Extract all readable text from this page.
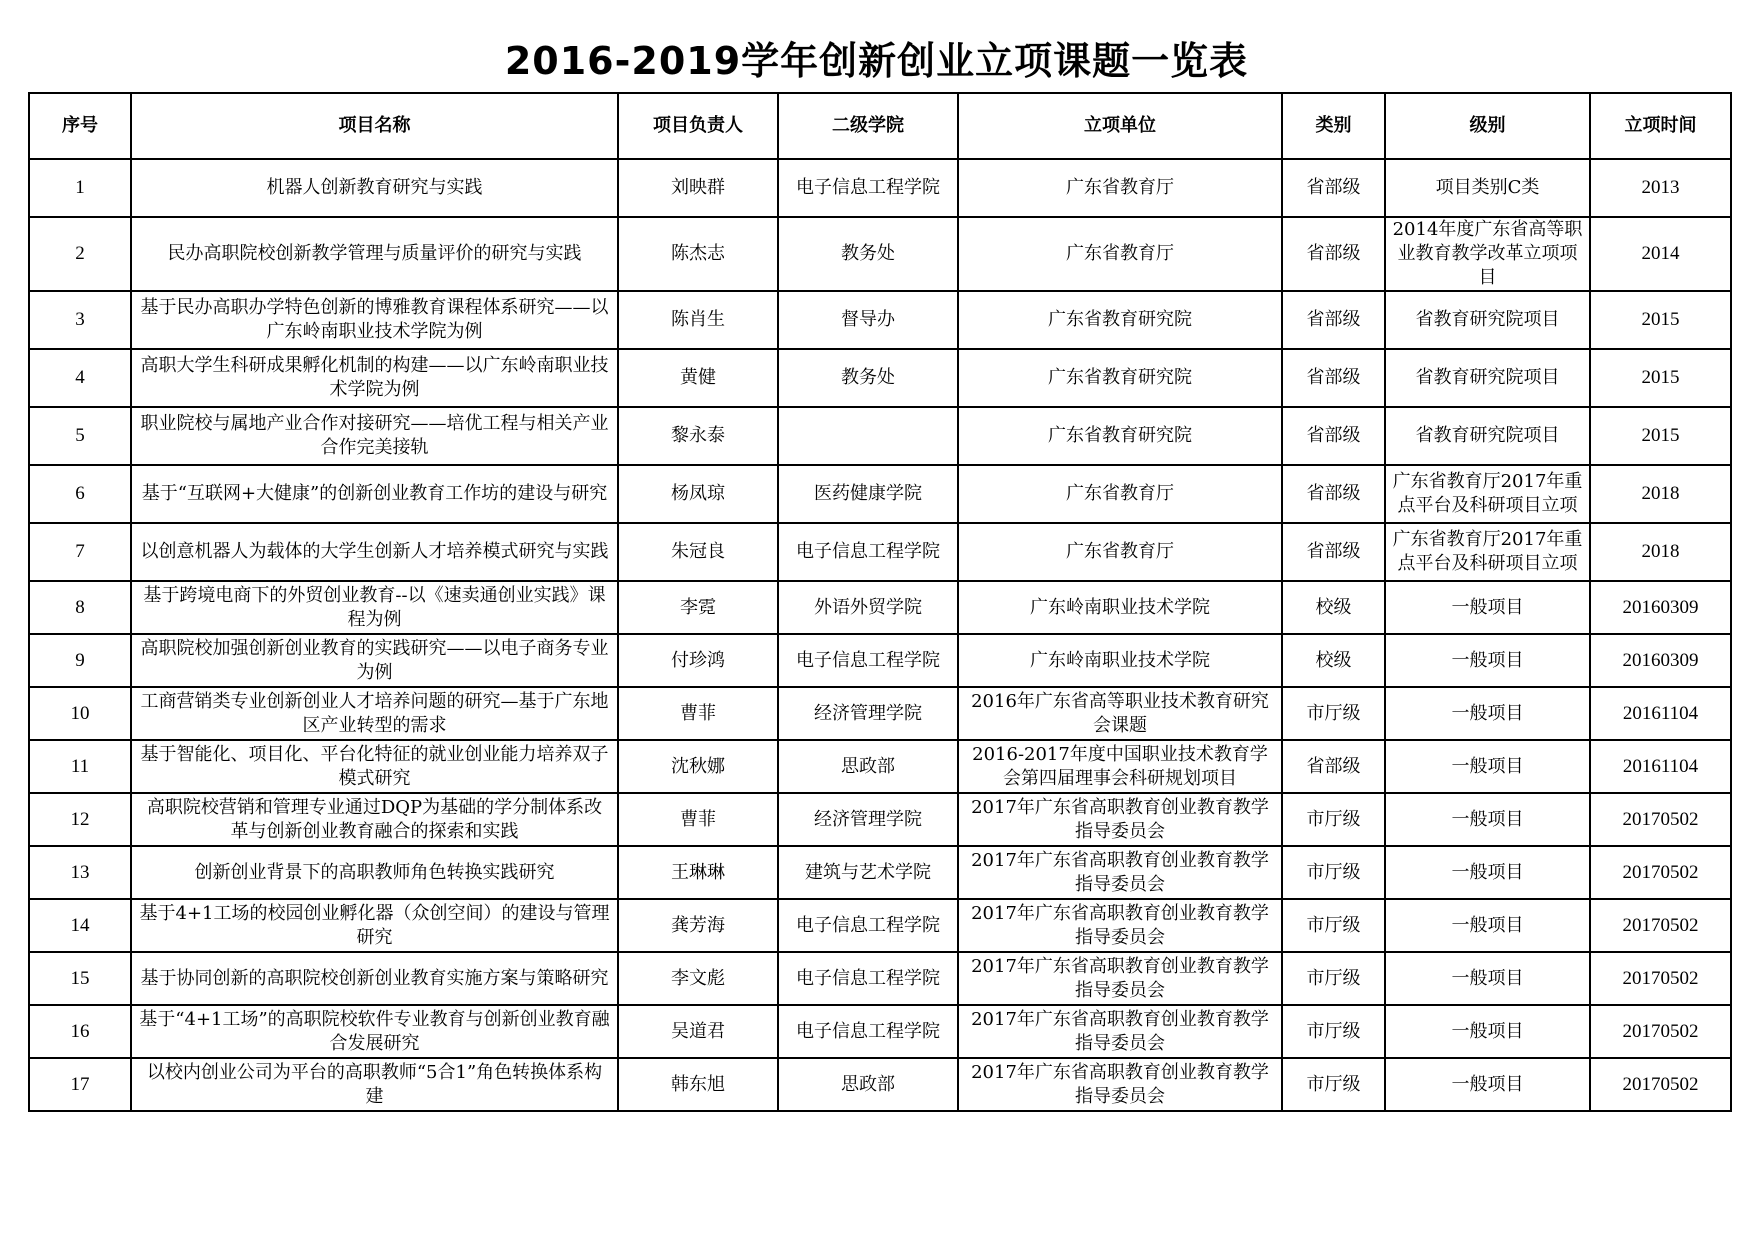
2016-2019学年创新创业立项课题一览表
序号	项目名称	项目负责人	二级学院	立项单位	类别	级别	立项时间
1	机器人创新教育研究与实践	刘映群	电子信息工程学院	广东省教育厅	省部级	项目类别C类	2013
2	民办高职院校创新教学管理与质量评价的研究与实践	陈杰志	教务处	广东省教育厅	省部级	2014年度广东省高等职业教育教学改革立项项目	2014
3	基于民办高职办学特色创新的博雅教育课程体系研究——以广东岭南职业技术学院为例	陈肖生	督导办	广东省教育研究院	省部级	省教育研究院项目	2015
4	高职大学生科研成果孵化机制的构建——以广东岭南职业技术学院为例	黄健	教务处	广东省教育研究院	省部级	省教育研究院项目	2015
5	职业院校与属地产业合作对接研究——培优工程与相关产业合作完美接轨	黎永泰		广东省教育研究院	省部级	省教育研究院项目	2015
6	基于“互联网+大健康”的创新创业教育工作坊的建设与研究	杨凤琼	医药健康学院	广东省教育厅	省部级	广东省教育厅2017年重点平台及科研项目立项	2018
7	以创意机器人为载体的大学生创新人才培养模式研究与实践	朱冠良	电子信息工程学院	广东省教育厅	省部级	广东省教育厅2017年重点平台及科研项目立项	2018
8	基于跨境电商下的外贸创业教育--以《速卖通创业实践》课程为例	李霓	外语外贸学院	广东岭南职业技术学院	校级	一般项目	20160309
9	高职院校加强创新创业教育的实践研究——以电子商务专业为例	付珍鸿	电子信息工程学院	广东岭南职业技术学院	校级	一般项目	20160309
10	工商营销类专业创新创业人才培养问题的研究—基于广东地区产业转型的需求	曹菲	经济管理学院	2016年广东省高等职业技术教育研究会课题	市厅级	一般项目	20161104
11	基于智能化、项目化、平台化特征的就业创业能力培养双子模式研究	沈秋娜	思政部	2016-2017年度中国职业技术教育学会第四届理事会科研规划项目	省部级	一般项目	20161104
12	高职院校营销和管理专业通过DQP为基础的学分制体系改革与创新创业教育融合的探索和实践	曹菲	经济管理学院	2017年广东省高职教育创业教育教学指导委员会	市厅级	一般项目	20170502
13	创新创业背景下的高职教师角色转换实践研究	王琳琳	建筑与艺术学院	2017年广东省高职教育创业教育教学指导委员会	市厅级	一般项目	20170502
14	基于4+1工场的校园创业孵化器（众创空间）的建设与管理研究	龚芳海	电子信息工程学院	2017年广东省高职教育创业教育教学指导委员会	市厅级	一般项目	20170502
15	基于协同创新的高职院校创新创业教育实施方案与策略研究	李文彪	电子信息工程学院	2017年广东省高职教育创业教育教学指导委员会	市厅级	一般项目	20170502
16	基于“4+1工场”的高职院校软件专业教育与创新创业教育融合发展研究	吴道君	电子信息工程学院	2017年广东省高职教育创业教育教学指导委员会	市厅级	一般项目	20170502
17	以校内创业公司为平台的高职教师“5合1”角色转换体系构建	韩东旭	思政部	2017年广东省高职教育创业教育教学指导委员会	市厅级	一般项目	20170502
